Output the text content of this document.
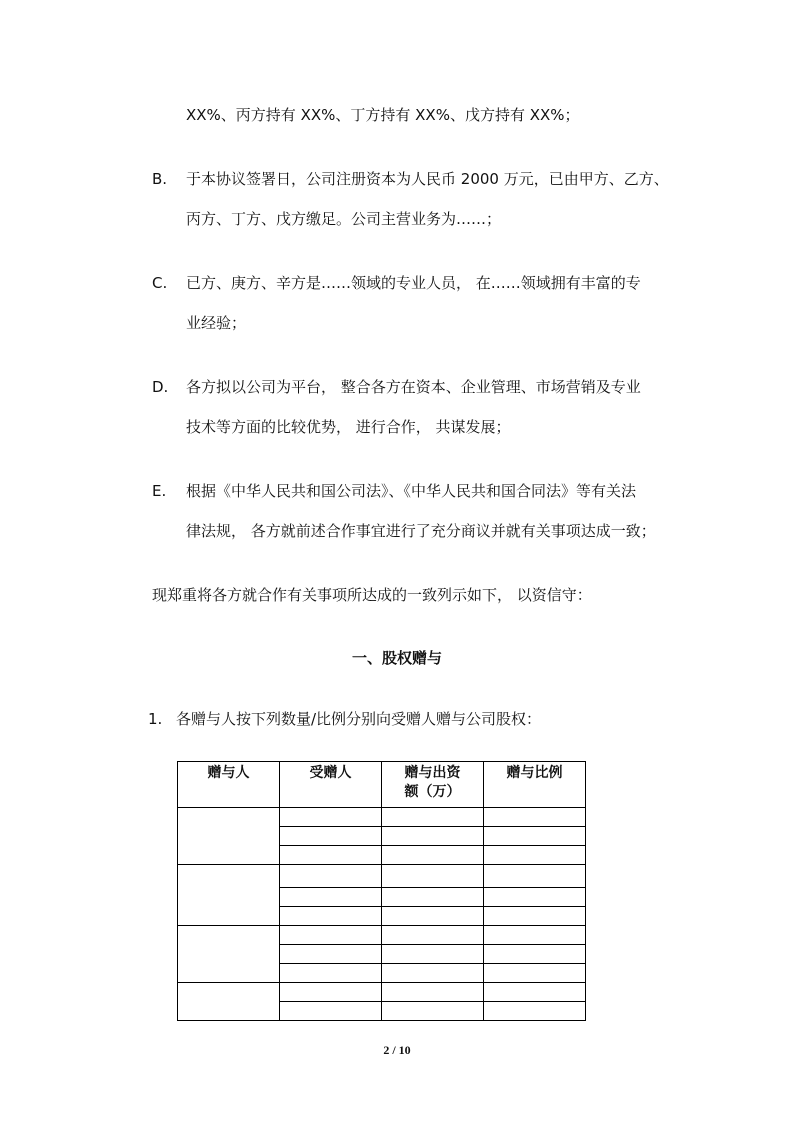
XX%、丙方持有 XX%、丁方持有 XX%、戊方持有 XX%；
B. 于本协议签署日，公司注册资本为人民币 2000 万元，已由甲方、乙方、
丙方、丁方、戊方缴足。公司主营业务为……；
C. 已方、庚方、辛方是……领域的专业人员， 在……领域拥有丰富的专
业经验；
D. 各方拟以公司为平台， 整合各方在资本、企业管理、市场营销及专业
技术等方面的比较优势， 进行合作， 共谋发展；
E. 根据《中华人民共和国公司法》、《中华人民共和国合同法》等有关法
律法规， 各方就前述合作事宜进行了充分商议并就有关事项达成一致；
现郑重将各方就合作有关事项所达成的一致列示如下， 以资信守：
一、股权赠与
1. 各赠与人按下列数量/比例分别向受赠人赠与公司股权：
赠与人	受赠人	赠与出资额（万）	赠与比例

2 / 10
